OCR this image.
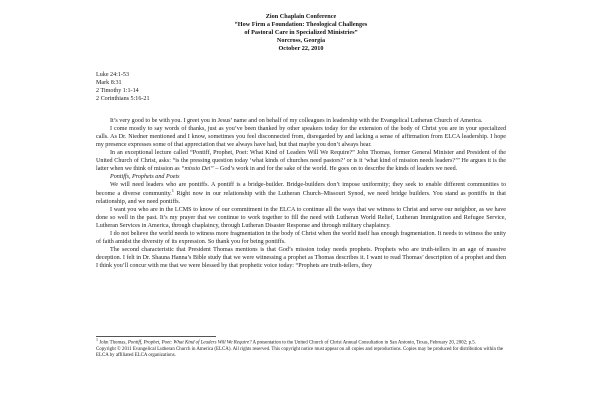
Zion Chaplain Conference
“How Firm a Foundation: Theological Challenges
of Pastoral Care in Specialized Ministries”
Norcross, Georgia
October 22, 2010
Luke 24:1-53
Mark 8:31
2 Timothy 1:1-14
2 Corinthians 5:16-21

It’s very good to be with you. I greet you in Jesus’ name and on behalf of my colleagues in leadership with the Evangelical Lutheran Church of America.

I come mostly to say words of thanks, just as you’ve been thanked by other speakers today for the extension of the body of Christ you are in your specialized calls. As Dr. Niedner mentioned and I know, sometimes you feel disconnected from, disregarded by and lacking a sense of affirmation from ELCA leadership. I hope my presence expresses some of that appreciation that we always have had, but that maybe you don’t always hear.

In an exceptional lecture called “Pontiff, Prophet, Poet: What Kind of Leaders Will We Require?” John Thomas, former General Minister and President of the United Church of Christ, asks: “is the pressing question today ‘what kinds of churches need pastors?’ or is it ‘what kind of mission needs leaders?’” He argues it is the latter when we think of mission as “missio Dei” – God’s work in and for the sake of the world. He goes on to describe the kinds of leaders we need.

Pontiffs, Prophets and Poets

We will need leaders who are pontiffs. A pontiff is a bridge-builder. Bridge-builders don’t impose uniformity; they seek to enable different communities to become a diverse community.$^1$ Right now in our relationship with the Lutheran Church–Missouri Synod, we need bridge builders. You stand as pontiffs in that relationship, and we need pontiffs.

I want you who are in the LCMS to know of our commitment in the ELCA to continue all the ways that we witness to Christ and serve our neighbor, as we have done so well in the past. It’s my prayer that we continue to work together to fill the need with Lutheran World Relief, Lutheran Immigration and Refugee Service, Lutheran Services in America, through chaplaincy, through Lutheran Disaster Response and through military chaplaincy.

I do not believe the world needs to witness more fragmentation in the body of Christ when the world itself has enough fragmentation. It needs to witness the unity of faith amidst the diversity of its expression. So thank you for being pontiffs.

The second characteristic that President Thomas mentions is that God’s mission today needs prophets. Prophets who are truth-tellers in an age of massive deception. I felt in Dr. Shauna Hanna’s Bible study that we were witnessing a prophet as Thomas describes it. I want to read Thomas’ description of a prophet and then I think you’ll concur with me that we were blessed by that prophetic voice today: “Prophets are truth-tellers, they

$^1$ John Thomas, Pontiff, Prophet, Poet: What Kind of Leaders Will We Require? A presentation to the United Church of Christ Annual Consultation in San Antonio, Texas, February 20, 2002; p.5.

Copyright © 2011 Evangelical Lutheran Church in America (ELCA). All rights reserved. This copyright notice must appear on all copies and reproductions. Copies may be produced for distribution within the ELCA by affiliated ELCA organizations.
